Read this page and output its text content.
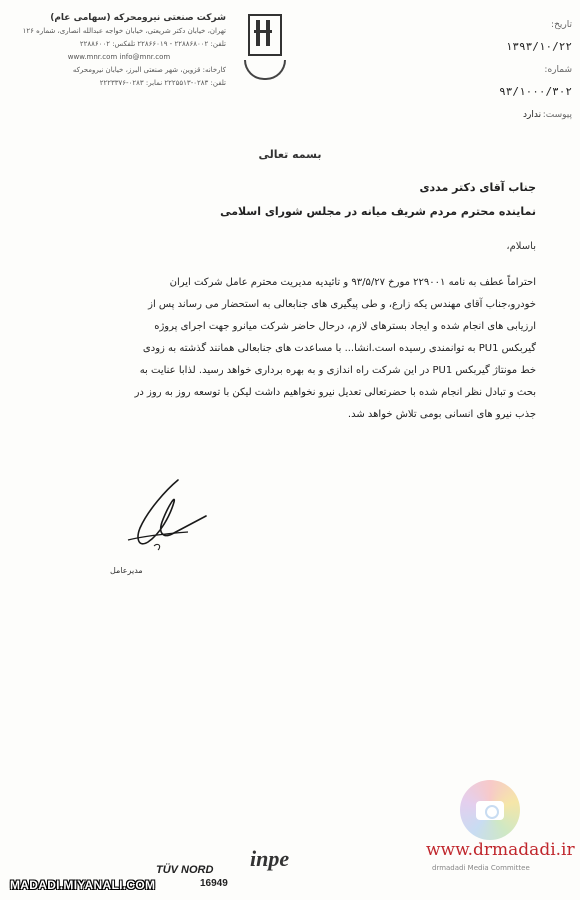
تاریخ: ۱۳۹۳/۱۰/۲۲
شماره: ۹۳/۱۰۰۰/۳۰۲
پیوست: ندارد
شرکت صنعتی نیرومحرکه (سهامی عام)
تهران، خیابان دکتر شریعتی، خیابان خواجه عبدالله انصاری، شماره ۱۲۶
تلفن: ۲۲۸۸۶۸۰۰۲ - ۲۲۸۶۶۰۱۹ تلفکس: ۲۲۸۸۶۰۰۲
www.mnr.com info@mnr.com
کارخانه: قزوین، شهر صنعتی البرز، خیابان نیرومحرکه
تلفن: ۰۲۸۳-۲۲۲۵۵۱۳ نمابر: ۰۲۸۳-۲۲۲۳۳۷۶
بسمه تعالی
جناب آقای دکتر مددی
نماینده محترم مردم شریف میانه در مجلس شورای اسلامی
باسلام،
احتراماً عطف به نامه ۲۲۹۰۰۱ مورخ ۹۳/۵/۲۷ و تائیدیه مدیریت محترم عامل شرکت ایران
خودرو،جناب آقای مهندس یکه زارع، و طی پیگیری های جنابعالی به استحضار می رساند پس از
ارزیابی های انجام شده و ایجاد بسترهای لازم، درحال حاضر شرکت میانرو جهت اجرای پروژه
گیربکس PU1 به توانمندی رسیده است.انشا... با مساعدت های جنابعالی همانند گذشته به زودی
خط مونتاژ گیربکس PU1 در این شرکت راه اندازی و به بهره برداری خواهد رسید. لذابا عنایت به
بحث و تبادل نظر انجام شده با حضرتعالی تعدیل نیرو نخواهیم داشت لیکن با توسعه روز به روز در
جذب نیرو های انسانی بومی تلاش خواهد شد.
مدیرعامل
www.drmadadi.ir
drmadadi Media Committee
MADADI.MIYANALI.COM
TÜV NORD
16949
inpe
